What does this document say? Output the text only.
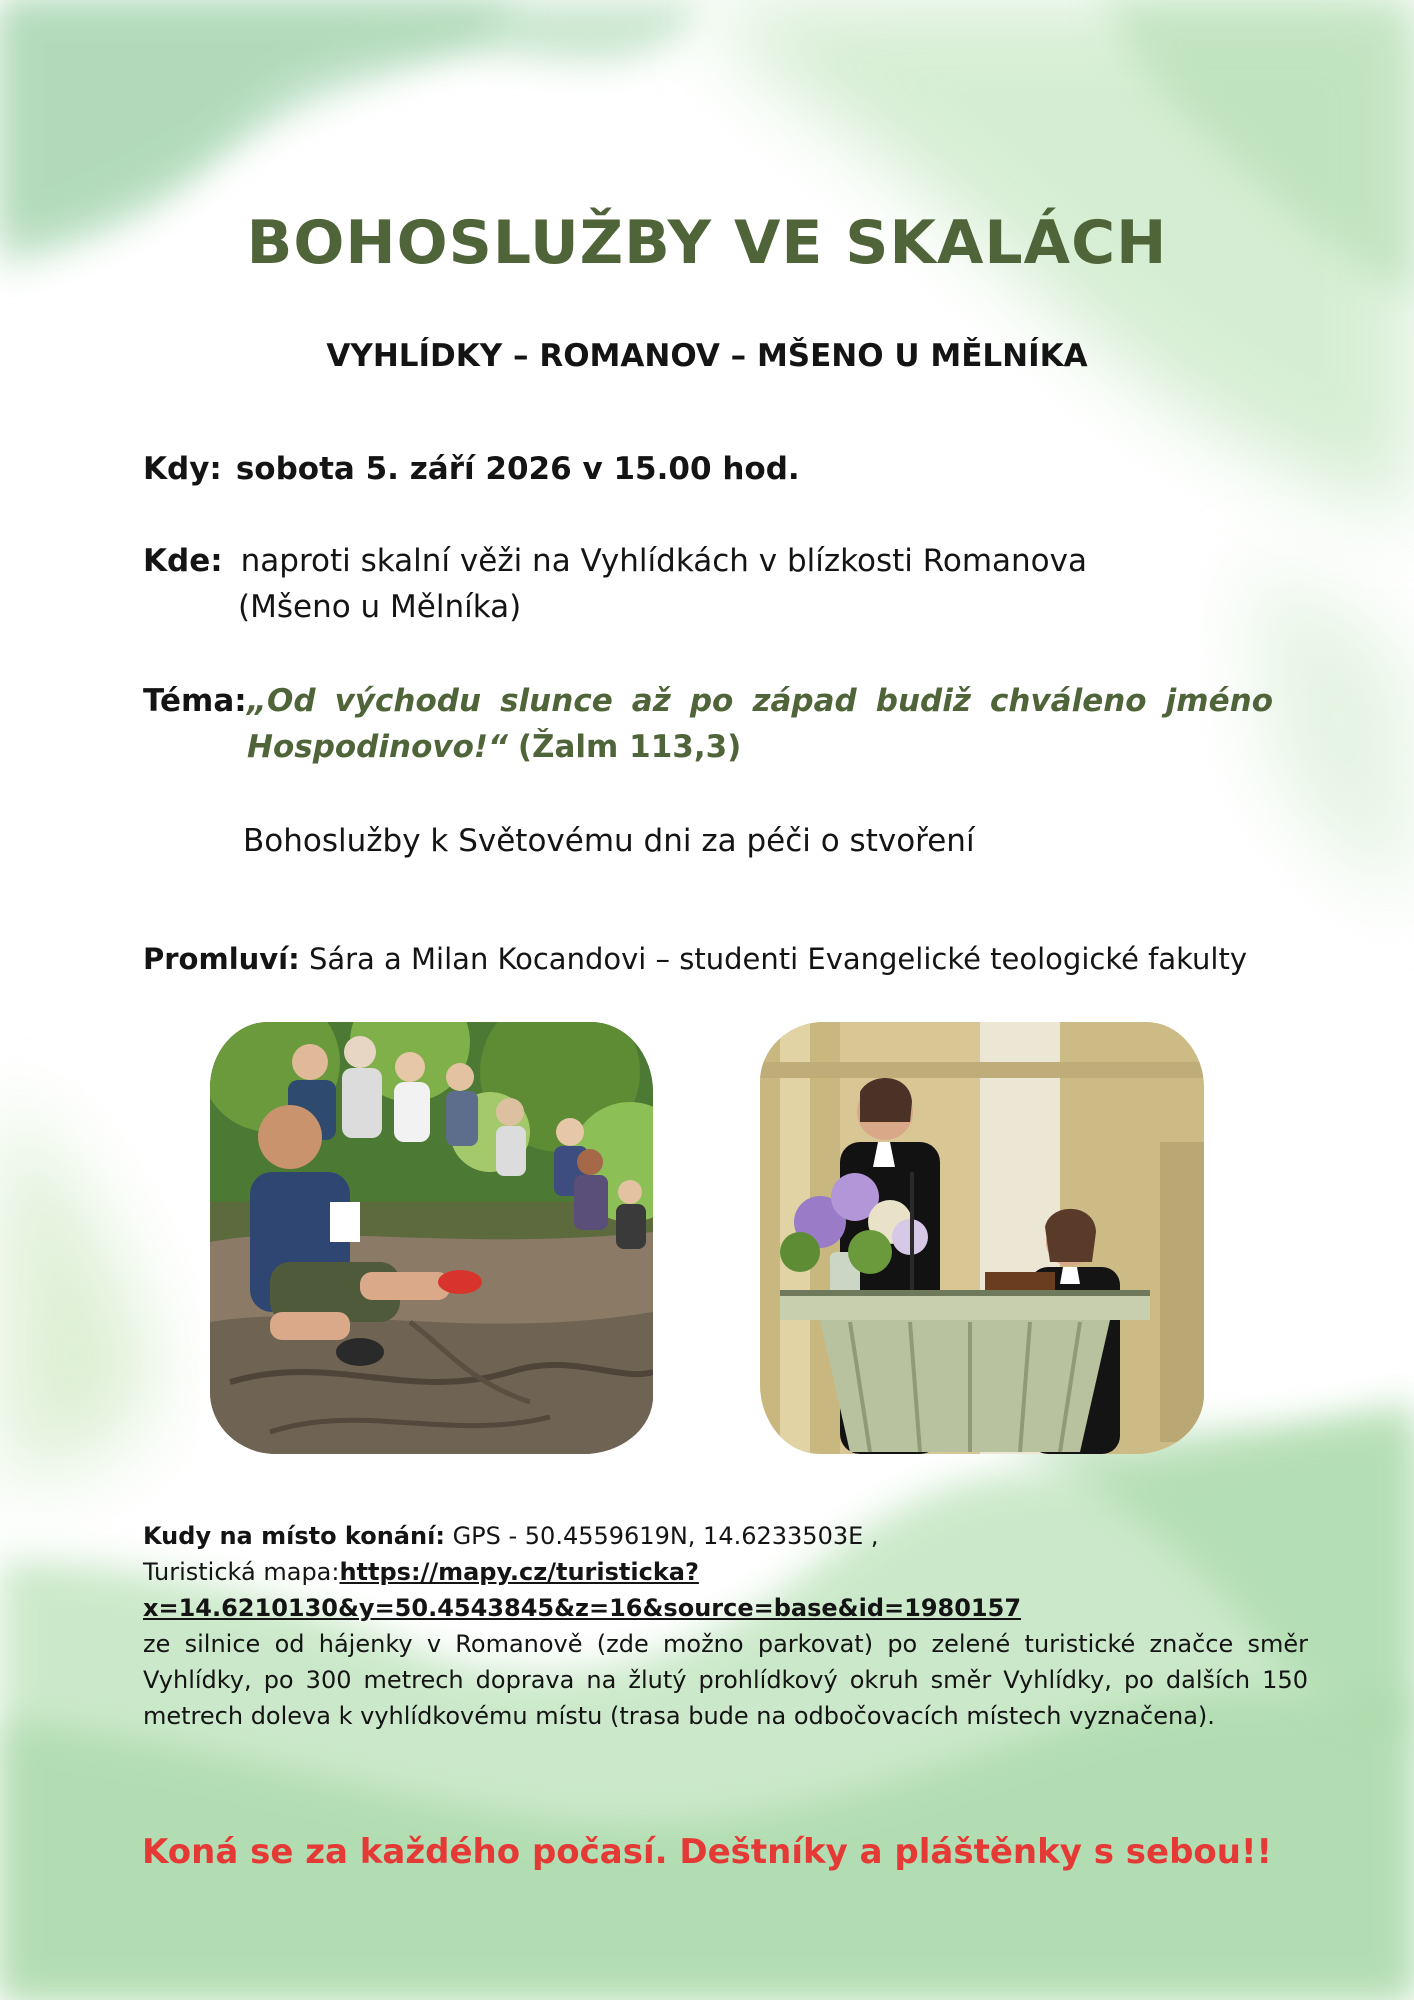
BOHOSLUŽBY VE SKALÁCH
VYHLÍDKY – ROMANOV – MŠENO U MĚLNÍKA
Kdy: sobota 5. září 2026 v 15.00 hod.
Kde: naproti skalní věži na Vyhlídkách v blízkosti Romanova
(Mšeno u Mělníka)
Téma: „Od východu slunce až po západ budiž chváleno jméno
Hospodinovo!“ (Žalm 113,3)
Bohoslužby k Světovému dni za péči o stvoření
Promluví: Sára a Milan Kocandovi – studenti Evangelické teologické fakulty
Kudy na místo konání: GPS - 50.4559619N, 14.6233503E ,
Turistická mapa:https://mapy.cz/turisticka?
x=14.6210130&y=50.4543845&z=16&source=base&id=1980157
ze silnice od hájenky v Romanově (zde možno parkovat) po zelené turistické značce směr Vyhlídky, po 300 metrech doprava na žlutý prohlídkový okruh směr Vyhlídky, po dalších 150 metrech doleva k vyhlídkovému místu (trasa bude na odbočovacích místech vyznačena).
Koná se za každého počasí. Deštníky a pláštěnky s sebou!!
